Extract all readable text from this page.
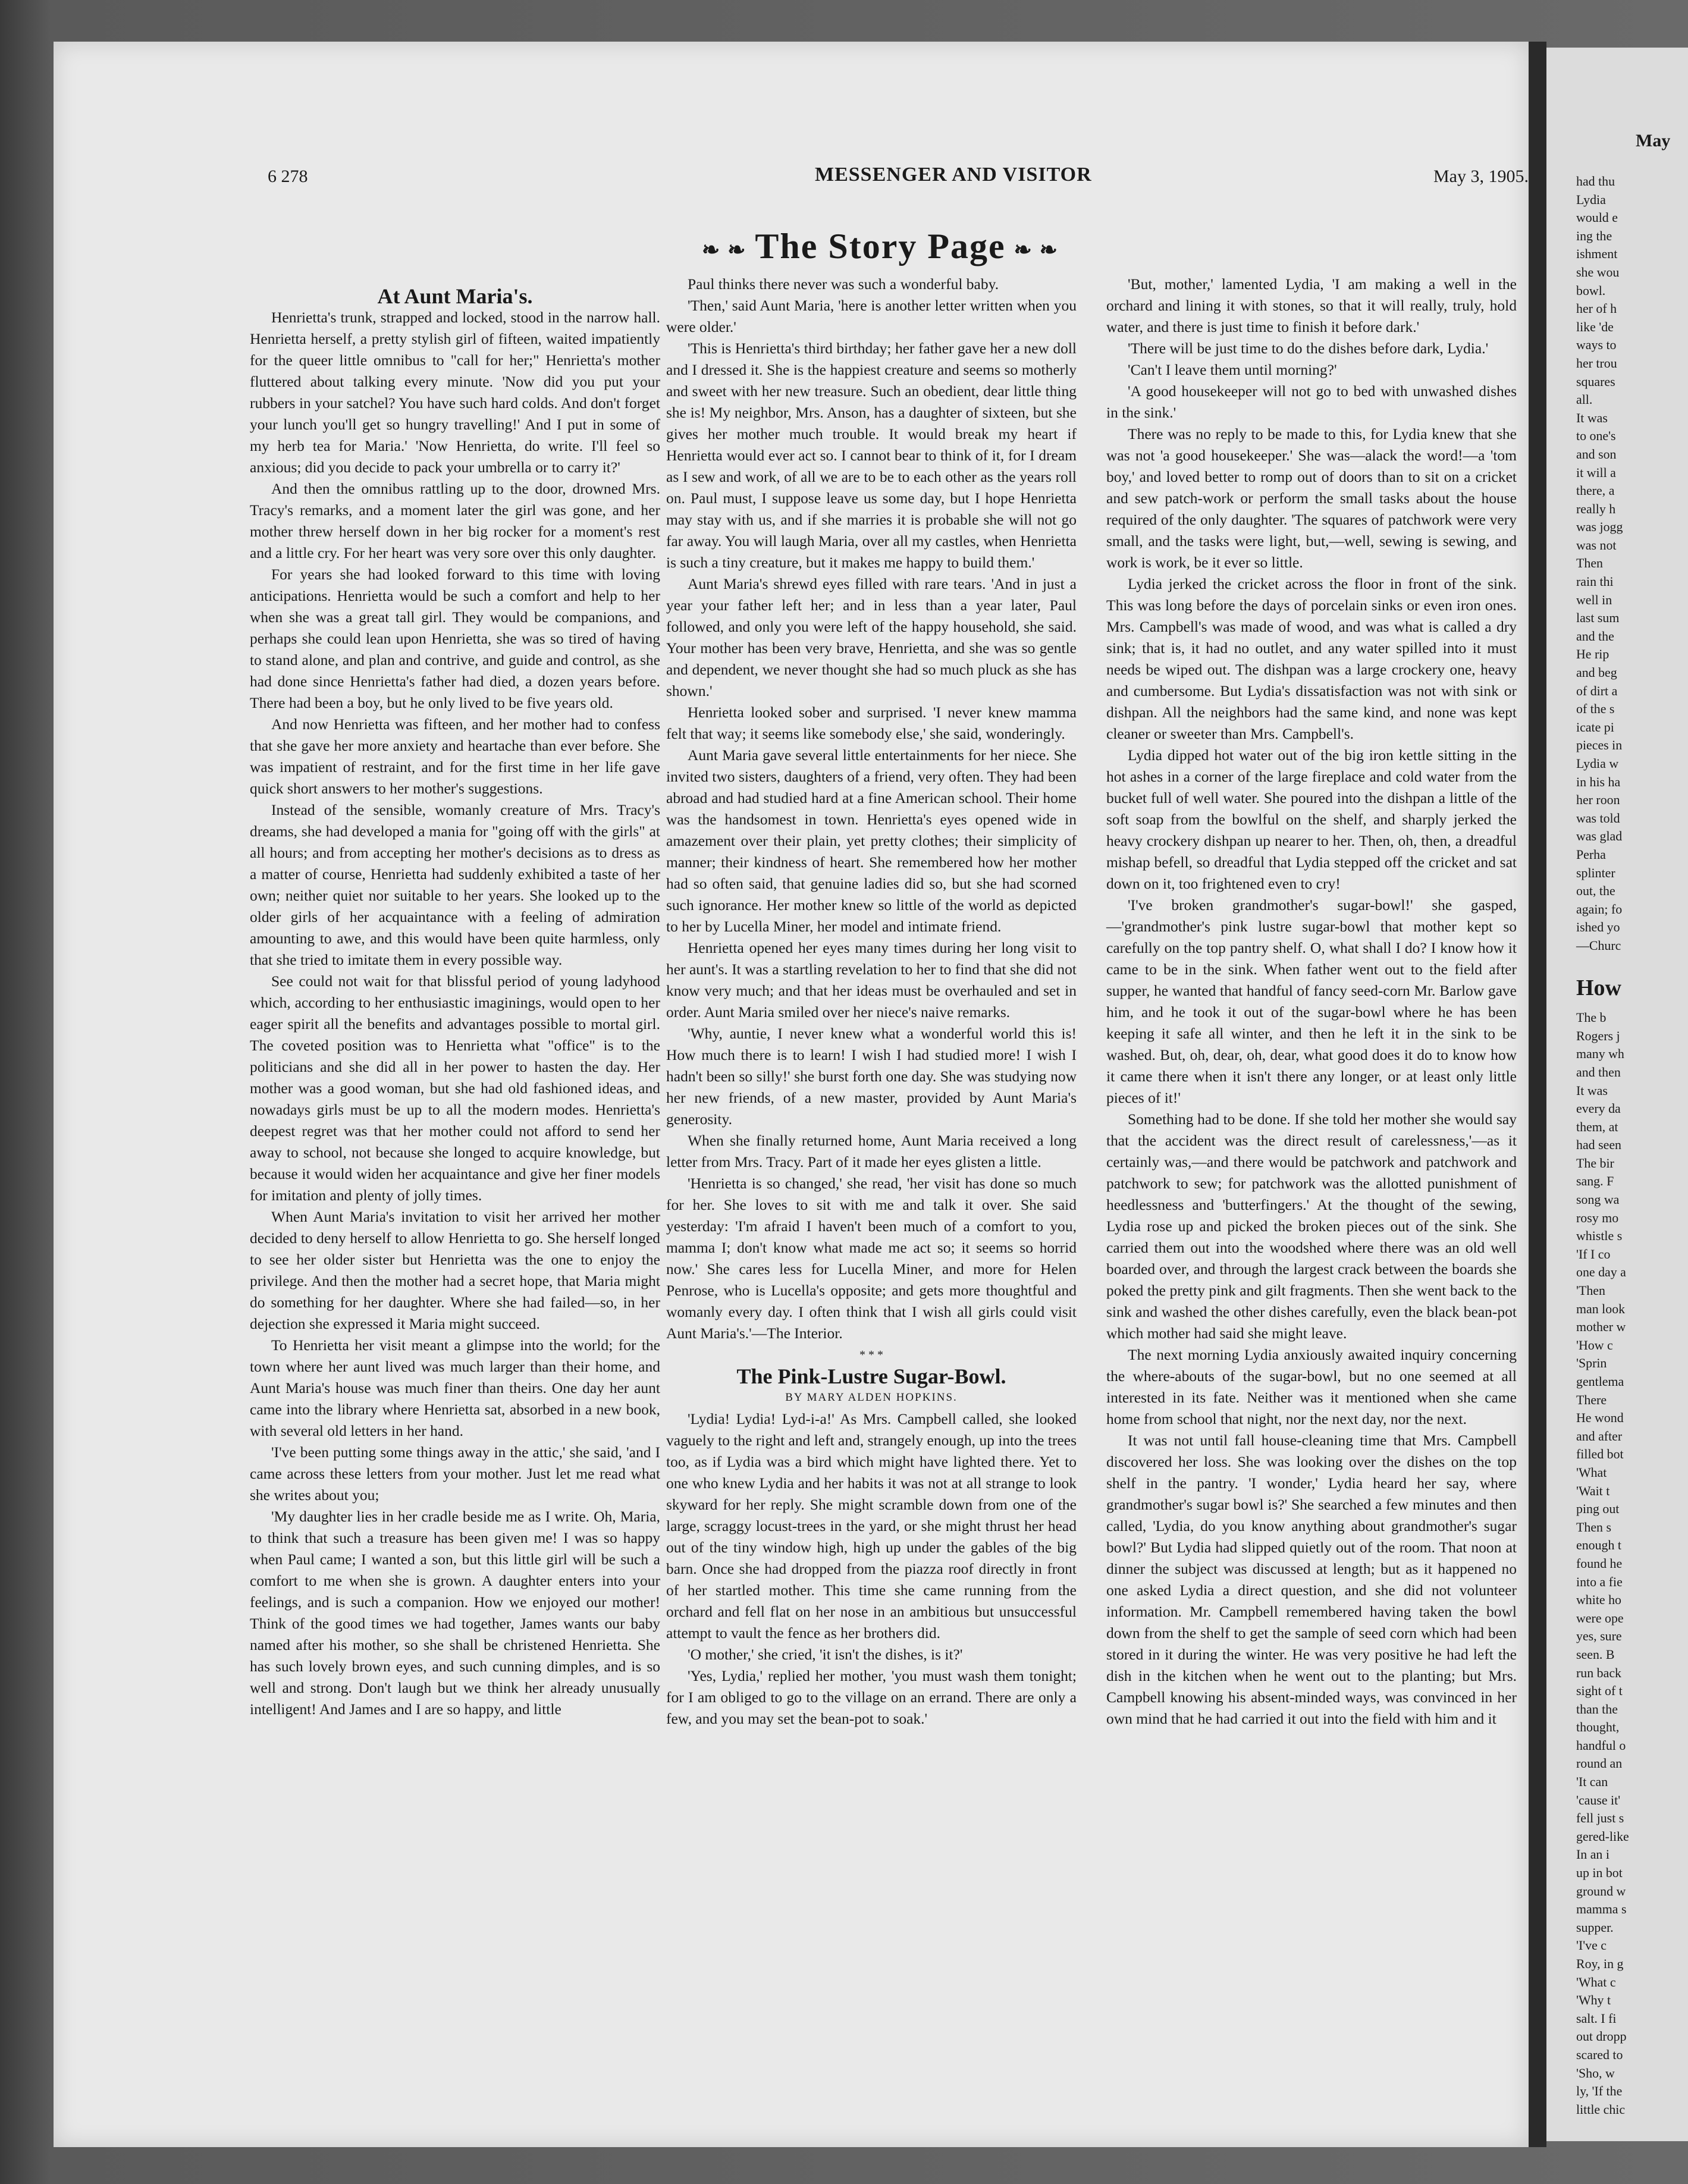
6 278	MESSENGER AND VISITOR	May 3, 1905.
❧ ❧ The Story Page ❧ ❧

At Aunt Maria's.

Henrietta's trunk, strapped and locked, stood in the narrow hall. Henrietta herself, a pretty stylish girl of fifteen, waited impatiently for the queer little omnibus to "call for her;" Henrietta's mother fluttered about talking every minute. 'Now did you put your rubbers in your satchel? You have such hard colds. And don't forget your lunch you'll get so hungry travelling!' And I put in some of my herb tea for Maria.' 'Now Henrietta, do write. I'll feel so anxious; did you decide to pack your umbrella or to carry it?'

And then the omnibus rattling up to the door, drowned Mrs. Tracy's remarks, and a moment later the girl was gone, and her mother threw herself down in her big rocker for a moment's rest and a little cry. For her heart was very sore over this only daughter.

For years she had looked forward to this time with loving anticipations. Henrietta would be such a comfort and help to her when she was a great tall girl. They would be companions, and perhaps she could lean upon Henrietta, she was so tired of having to stand alone, and plan and contrive, and guide and control, as she had done since Henrietta's father had died, a dozen years before. There had been a boy, but he only lived to be five years old.

And now Henrietta was fifteen, and her mother had to confess that she gave her more anxiety and heartache than ever before. She was impatient of restraint, and for the first time in her life gave quick short answers to her mother's suggestions.

Instead of the sensible, womanly creature of Mrs. Tracy's dreams, she had developed a mania for "going off with the girls" at all hours; and from accepting her mother's decisions as to dress as a matter of course, Henrietta had suddenly exhibited a taste of her own; neither quiet nor suitable to her years. She looked up to the older girls of her acquaintance with a feeling of admiration amounting to awe, and this would have been quite harmless, only that she tried to imitate them in every possible way.

See could not wait for that blissful period of young ladyhood which, according to her enthusiastic imaginings, would open to her eager spirit all the benefits and advantages possible to mortal girl. The coveted position was to Henrietta what "office" is to the politicians and she did all in her power to hasten the day. Her mother was a good woman, but she had old fashioned ideas, and nowadays girls must be up to all the modern modes. Henrietta's deepest regret was that her mother could not afford to send her away to school, not because she longed to acquire knowledge, but because it would widen her acquaintance and give her finer models for imitation and plenty of jolly times.

When Aunt Maria's invitation to visit her arrived her mother decided to deny herself to allow Henrietta to go. She herself longed to see her older sister but Henrietta was the one to enjoy the privilege. And then the mother had a secret hope, that Maria might do something for her daughter. Where she had failed—so, in her dejection she expressed it Maria might succeed.

To Henrietta her visit meant a glimpse into the world; for the town where her aunt lived was much larger than their home, and Aunt Maria's house was much finer than theirs. One day her aunt came into the library where Henrietta sat, absorbed in a new book, with several old letters in her hand.

'I've been putting some things away in the attic,' she said, 'and I came across these letters from your mother. Just let me read what she writes about you;

'My daughter lies in her cradle beside me as I write. Oh, Maria, to think that such a treasure has been given me! I was so happy when Paul came; I wanted a son, but this little girl will be such a comfort to me when she is grown. A daughter enters into your feelings, and is such a companion. How we enjoyed our mother! Think of the good times we had together, James wants our baby named after his mother, so she shall be christened Henrietta. She has such lovely brown eyes, and such cunning dimples, and is so well and strong. Don't laugh but we think her already unusually intelligent! And James and I are so happy, and little

Paul thinks there never was such a wonderful baby.

'Then,' said Aunt Maria, 'here is another letter written when you were older.'

'This is Henrietta's third birthday; her father gave her a new doll and I dressed it. She is the happiest creature and seems so motherly and sweet with her new treasure. Such an obedient, dear little thing she is! My neighbor, Mrs. Anson, has a daughter of sixteen, but she gives her mother much trouble. It would break my heart if Henrietta would ever act so. I cannot bear to think of it, for I dream as I sew and work, of all we are to be to each other as the years roll on. Paul must, I suppose leave us some day, but I hope Henrietta may stay with us, and if she marries it is probable she will not go far away. You will laugh Maria, over all my castles, when Henrietta is such a tiny creature, but it makes me happy to build them.'

Aunt Maria's shrewd eyes filled with rare tears. 'And in just a year your father left her; and in less than a year later, Paul followed, and only you were left of the happy household, she said. Your mother has been very brave, Henrietta, and she was so gentle and dependent, we never thought she had so much pluck as she has shown.'

Henrietta looked sober and surprised. 'I never knew mamma felt that way; it seems like somebody else,' she said, wonderingly.

Aunt Maria gave several little entertainments for her niece. She invited two sisters, daughters of a friend, very often. They had been abroad and had studied hard at a fine American school. Their home was the handsomest in town. Henrietta's eyes opened wide in amazement over their plain, yet pretty clothes; their simplicity of manner; their kindness of heart. She remembered how her mother had so often said, that genuine ladies did so, but she had scorned such ignorance. Her mother knew so little of the world as depicted to her by Lucella Miner, her model and intimate friend.

Henrietta opened her eyes many times during her long visit to her aunt's. It was a startling revelation to her to find that she did not know very much; and that her ideas must be overhauled and set in order. Aunt Maria smiled over her niece's naive remarks.

'Why, auntie, I never knew what a wonderful world this is! How much there is to learn! I wish I had studied more! I wish I hadn't been so silly!' she burst forth one day. She was studying now her new friends, of a new master, provided by Aunt Maria's generosity.

When she finally returned home, Aunt Maria received a long letter from Mrs. Tracy. Part of it made her eyes glisten a little.

'Henrietta is so changed,' she read, 'her visit has done so much for her. She loves to sit with me and talk it over. She said yesterday: 'I'm afraid I haven't been much of a comfort to you, mamma I; don't know what made me act so; it seems so horrid now.' She cares less for Lucella Miner, and more for Helen Penrose, who is Lucella's opposite; and gets more thoughtful and womanly every day. I often think that I wish all girls could visit Aunt Maria's.'—The Interior.

* * *

The Pink-Lustre Sugar-Bowl.

BY MARY ALDEN HOPKINS.

'Lydia! Lydia! Lyd-i-a!' As Mrs. Campbell called, she looked vaguely to the right and left and, strangely enough, up into the trees too, as if Lydia was a bird which might have lighted there. Yet to one who knew Lydia and her habits it was not at all strange to look skyward for her reply. She might scramble down from one of the large, scraggy locust-trees in the yard, or she might thrust her head out of the tiny window high, high up under the gables of the big barn. Once she had dropped from the piazza roof directly in front of her startled mother. This time she came running from the orchard and fell flat on her nose in an ambitious but unsuccessful attempt to vault the fence as her brothers did.

'O mother,' she cried, 'it isn't the dishes, is it?'

'Yes, Lydia,' replied her mother, 'you must wash them tonight; for I am obliged to go to the village on an errand. There are only a few, and you may set the bean-pot to soak.'

'But, mother,' lamented Lydia, 'I am making a well in the orchard and lining it with stones, so that it will really, truly, hold water, and there is just time to finish it before dark.'

'There will be just time to do the dishes before dark, Lydia.'

'Can't I leave them until morning?'

'A good housekeeper will not go to bed with unwashed dishes in the sink.'

There was no reply to be made to this, for Lydia knew that she was not 'a good housekeeper.' She was—alack the word!—a 'tom boy,' and loved better to romp out of doors than to sit on a cricket and sew patch-work or perform the small tasks about the house required of the only daughter. 'The squares of patchwork were very small, and the tasks were light, but,—well, sewing is sewing, and work is work, be it ever so little.

Lydia jerked the cricket across the floor in front of the sink. This was long before the days of porcelain sinks or even iron ones. Mrs. Campbell's was made of wood, and was what is called a dry sink; that is, it had no outlet, and any water spilled into it must needs be wiped out. The dishpan was a large crockery one, heavy and cumbersome. But Lydia's dissatisfaction was not with sink or dishpan. All the neighbors had the same kind, and none was kept cleaner or sweeter than Mrs. Campbell's.

Lydia dipped hot water out of the big iron kettle sitting in the hot ashes in a corner of the large fireplace and cold water from the bucket full of well water. She poured into the dishpan a little of the soft soap from the bowlful on the shelf, and sharply jerked the heavy crockery dishpan up nearer to her. Then, oh, then, a dreadful mishap befell, so dreadful that Lydia stepped off the cricket and sat down on it, too frightened even to cry!

'I've broken grandmother's sugar-bowl!' she gasped,—'grandmother's pink lustre sugar-bowl that mother kept so carefully on the top pantry shelf. O, what shall I do? I know how it came to be in the sink. When father went out to the field after supper, he wanted that handful of fancy seed-corn Mr. Barlow gave him, and he took it out of the sugar-bowl where he has been keeping it safe all winter, and then he left it in the sink to be washed. But, oh, dear, oh, dear, what good does it do to know how it came there when it isn't there any longer, or at least only little pieces of it!'

Something had to be done. If she told her mother she would say that the accident was the direct result of carelessness,'—as it certainly was,—and there would be patchwork and patchwork and patchwork to sew; for patchwork was the allotted punishment of heedlessness and 'butterfingers.' At the thought of the sewing, Lydia rose up and picked the broken pieces out of the sink. She carried them out into the woodshed where there was an old well boarded over, and through the largest crack between the boards she poked the pretty pink and gilt fragments. Then she went back to the sink and washed the other dishes carefully, even the black bean-pot which mother had said she might leave.

The next morning Lydia anxiously awaited inquiry concerning the where-abouts of the sugar-bowl, but no one seemed at all interested in its fate. Neither was it mentioned when she came home from school that night, nor the next day, nor the next.

It was not until fall house-cleaning time that Mrs. Campbell discovered her loss. She was looking over the dishes on the top shelf in the pantry. 'I wonder,' Lydia heard her say, where grandmother's sugar bowl is?' She searched a few minutes and then called, 'Lydia, do you know anything about grandmother's sugar bowl?' But Lydia had slipped quietly out of the room. That noon at dinner the subject was discussed at length; but as it happened no one asked Lydia a direct question, and she did not volunteer information. Mr. Campbell remembered having taken the bowl down from the shelf to get the sample of seed corn which had been stored in it during the winter. He was very positive he had left the dish in the kitchen when he went out to the planting; but Mrs. Campbell knowing his absent-minded ways, was convinced in her own mind that he had carried it out into the field with him and it

May

had thu

Lydia

would e

ing the

ishment

she wou

bowl.

her of h

like 'de

ways to

her trou

squares

all.

It was

to one's

and son

it will a

there, a

really h

was jogg

was not

Then

rain thi

well in

last sum

and the

He rip

and beg

of dirt a

of the s

icate pi

pieces in

Lydia w

in his ha

her roon

was told

was glad

Perha

splinter

out, the

again; fo

ished yo

—Churc

How

The b

Rogers j

many wh

and then

It was

every da

them, at

had seen

The bir

sang. F

song wa

rosy mo

whistle s

'If I co

one day a

'Then

man look

mother w

'How c

'Sprin

gentlema

There

He wond

and after

filled bot

'What

'Wait t

ping out

Then s

enough t

found he

into a fie

white ho

were ope

yes, sure

seen. B

run back

sight of t

than the

thought,

handful o

round an

'It can

'cause it'

fell just s

gered-like

In an i

up in bot

ground w

mamma s

supper.

'I've c

Roy, in g

'What c

'Why t

salt. I fi

out dropp

scared to

'Sho, w

ly, 'If the

little chic
